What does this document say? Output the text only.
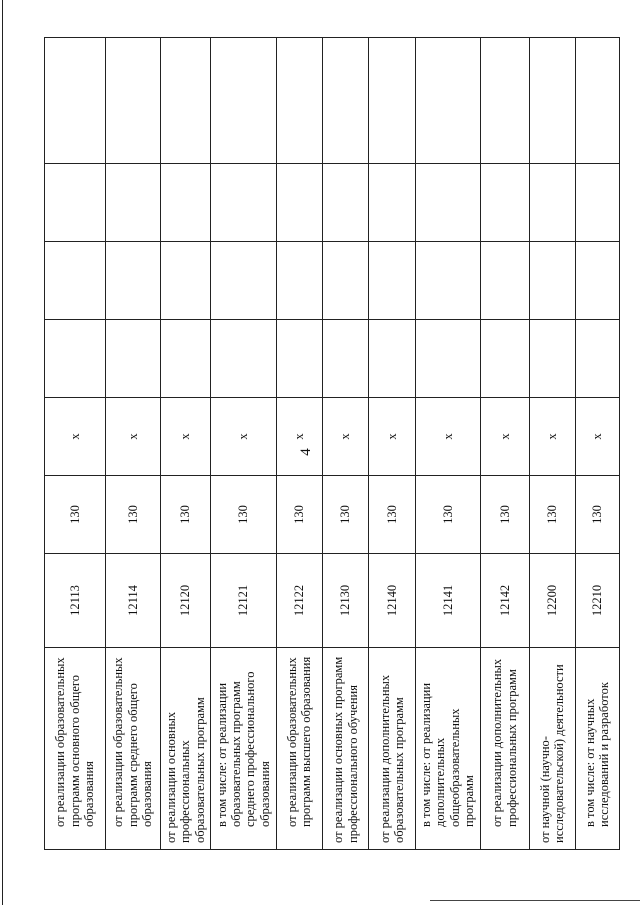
4
от реализации образовательных программ основного общего образования	12113	130	x				
от реализации образовательных программ среднего общего образования	12114	130	x				
от реализации основных профессиональных образовательных программ	12120	130	x				
в том числе: от реализации образовательных программ среднего профессионального образования	12121	130	x				
от реализации образовательных программ высшего образования	12122	130	x				
от реализации основных программ профессионального обучения	12130	130	x				
от реализации дополнительных образовательных программ	12140	130	x				
в том числе: от реализации дополнительных общеобразовательных программ	12141	130	x				
от реализации дополнительных профессиональных программ	12142	130	x				
от научной (научно-исследовательской) деятельности	12200	130	x				
в том числе: от научных исследований и разработок	12210	130	x				
